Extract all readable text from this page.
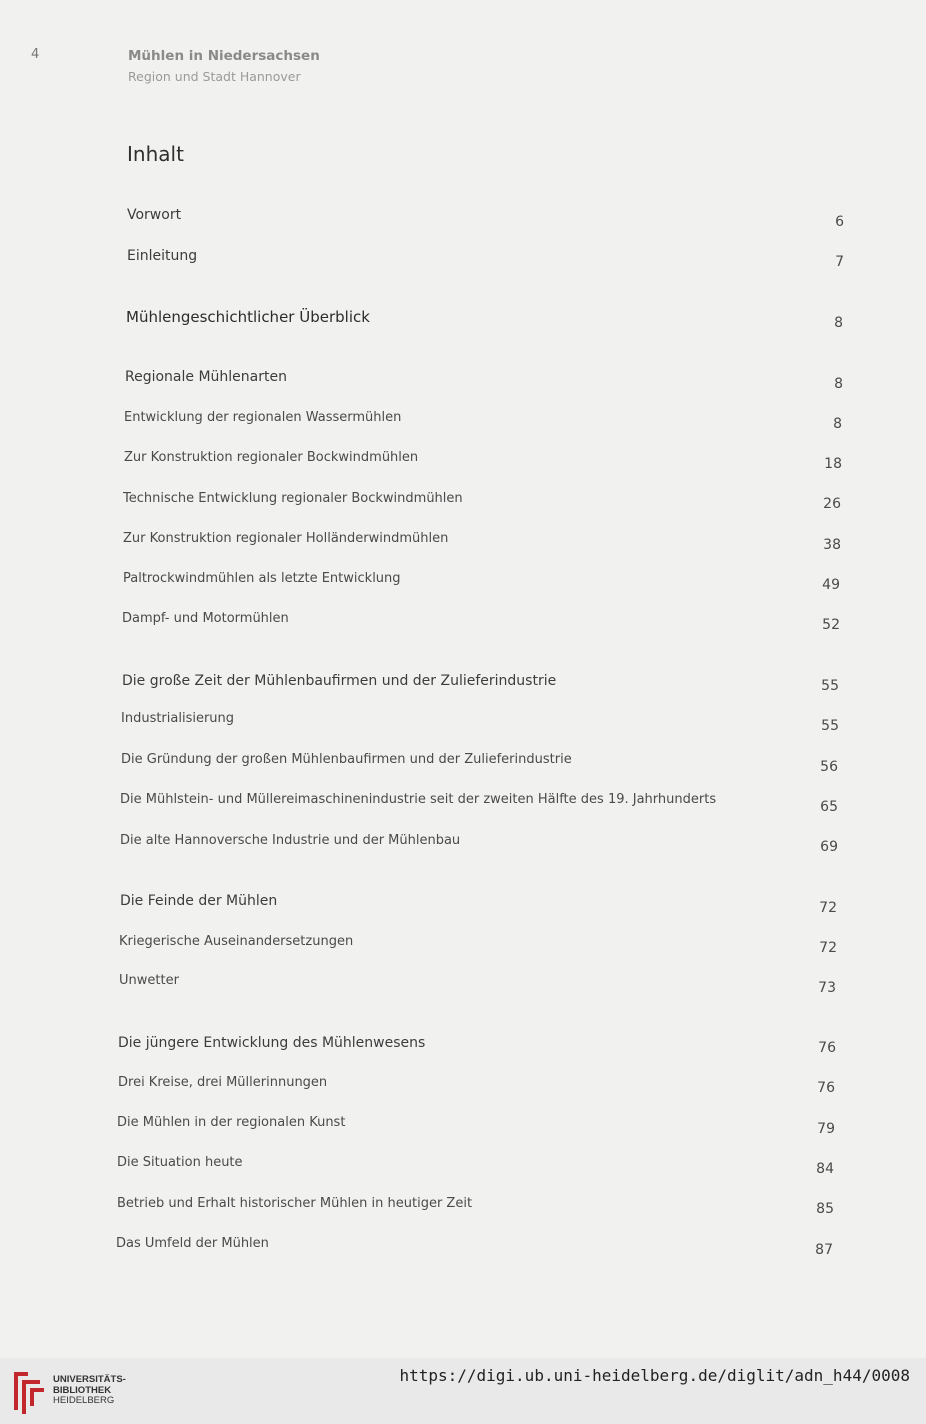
4	Mühlen in Niedersachsen
Region und Stadt Hannover
Inhalt
Vorwort	6
Einleitung	7
Mühlengeschichtlicher Überblick	8
Regionale Mühlenarten	8
Entwicklung der regionalen Wassermühlen	8
Zur Konstruktion regionaler Bockwindmühlen	18
Technische Entwicklung regionaler Bockwindmühlen	26
Zur Konstruktion regionaler Holländerwindmühlen	38
Paltrockwindmühlen als letzte Entwicklung	49
Dampf- und Motormühlen	52
Die große Zeit der Mühlenbaufirmen und der Zulieferindustrie	55
Industrialisierung	55
Die Gründung der großen Mühlenbaufirmen und der Zulieferindustrie	56
Die Mühlstein- und Müllereimaschinenindustrie seit der zweiten Hälfte des 19. Jahrhunderts	65
Die alte Hannoversche Industrie und der Mühlenbau	69
Die Feinde der Mühlen	72
Kriegerische Auseinandersetzungen	72
Unwetter	73
Die jüngere Entwicklung des Mühlenwesens	76
Drei Kreise, drei Müllerinnungen	76
Die Mühlen in der regionalen Kunst	79
Die Situation heute	84
Betrieb und Erhalt historischer Mühlen in heutiger Zeit	85
Das Umfeld der Mühlen	87
UNIVERSITÄTS-
BIBLIOTHEK
HEIDELBERG
https://digi.ub.uni-heidelberg.de/diglit/adn_h44/0008
